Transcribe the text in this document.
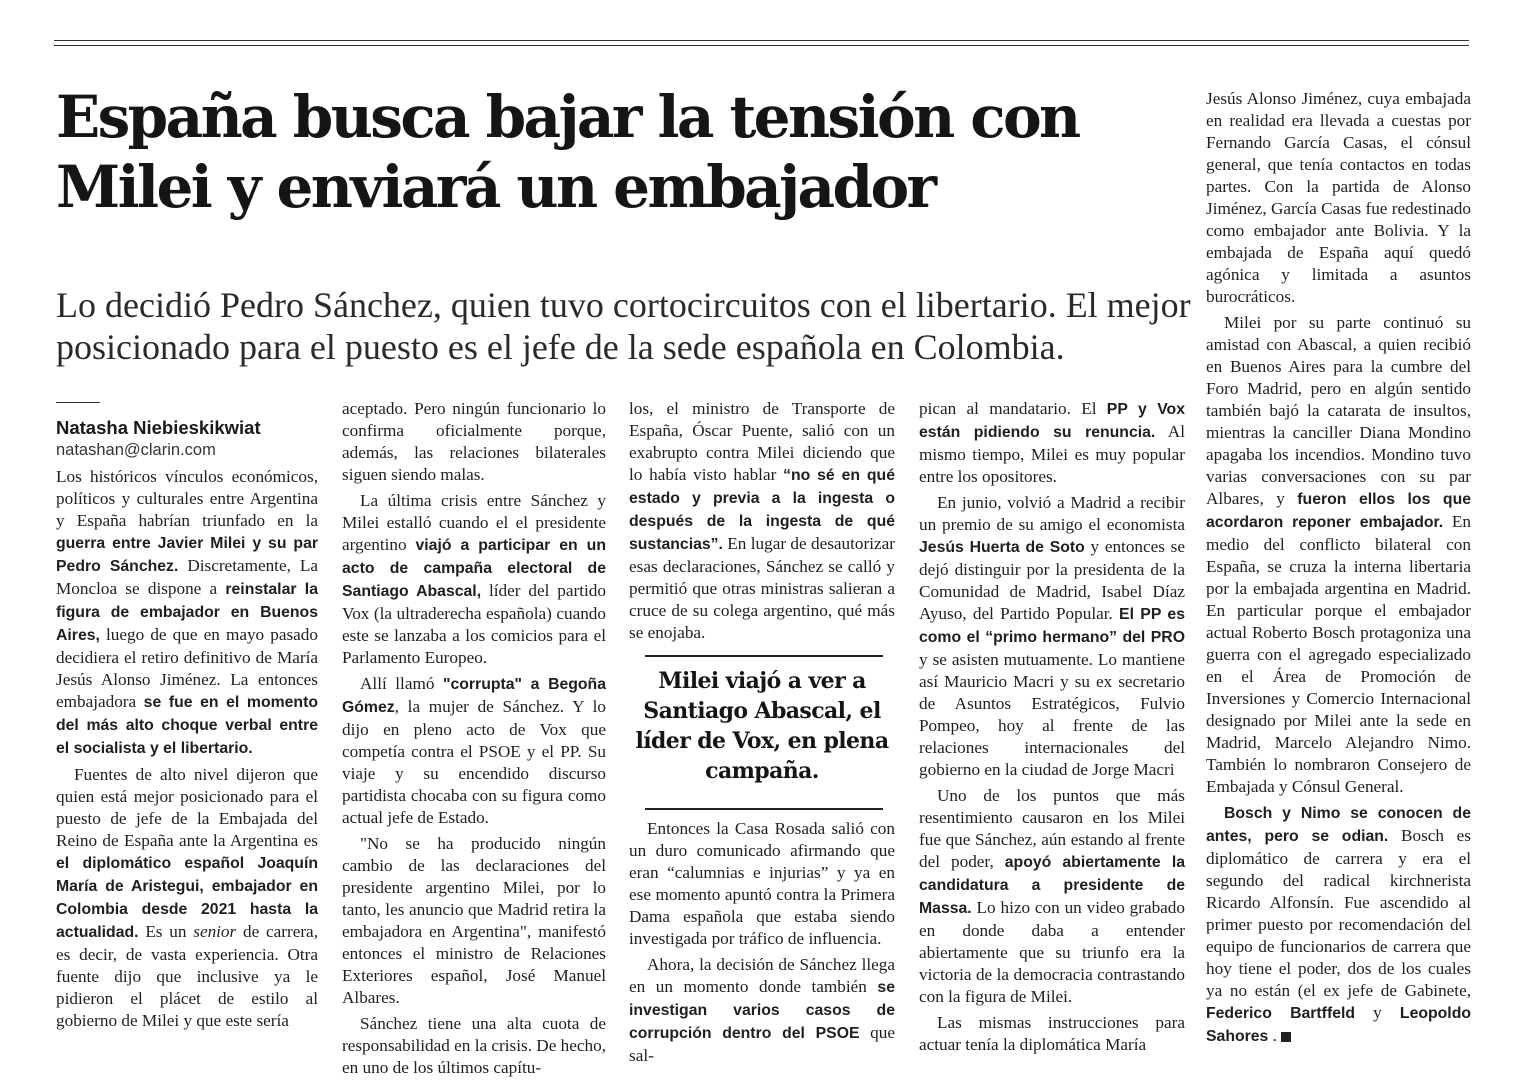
España busca bajar la tensión con Milei y enviará un embajador

Lo decidió Pedro Sánchez, quien tuvo cortocircuitos con el libertario. El mejor posicionado para el puesto es el jefe de la sede española en Colombia.

Natasha Niebieskikwiat
natashan@clarin.com

Los históricos vínculos económicos, políticos y culturales entre Argentina y España habrían triunfado en la guerra entre Javier Milei y su par Pedro Sánchez. Discretamente, La Moncloa se dispone a reinstalar la figura de embajador en Buenos Aires, luego de que en mayo pasado decidiera el retiro definitivo de María Jesús Alonso Jiménez. La entonces embajadora se fue en el momento del más alto choque verbal entre el socialista y el libertario.

Fuentes de alto nivel dijeron que quien está mejor posicionado para el puesto de jefe de la Embajada del Reino de España ante la Argentina es el diplomático español Joaquín María de Aristegui, embajador en Colombia desde 2021 hasta la actualidad. Es un senior de carrera, es decir, de vasta experiencia. Otra fuente dijo que inclusive ya le pidieron el plácet de estilo al gobierno de Milei y que este sería

aceptado. Pero ningún funcionario lo confirma oficialmente porque, además, las relaciones bilaterales siguen siendo malas.

La última crisis entre Sánchez y Milei estalló cuando el el presidente argentino viajó a participar en un acto de campaña electoral de Santiago Abascal, líder del partido Vox (la ultraderecha española) cuando este se lanzaba a los comicios para el Parlamento Europeo.

Allí llamó "corrupta" a Begoña Gómez, la mujer de Sánchez. Y lo dijo en pleno acto de Vox que competía contra el PSOE y el PP. Su viaje y su encendido discurso partidista chocaba con su figura como actual jefe de Estado.

"No se ha producido ningún cambio de las declaraciones del presidente argentino Milei, por lo tanto, les anuncio que Madrid retira la embajadora en Argentina", manifestó entonces el ministro de Relaciones Exteriores español, José Manuel Albares.

Sánchez tiene una alta cuota de responsabilidad en la crisis. De hecho, en uno de los últimos capítu-

los, el ministro de Transporte de España, Óscar Puente, salió con un exabrupto contra Milei diciendo que lo había visto hablar “no sé en qué estado y previa a la ingesta o después de la ingesta de qué sustancias”. En lugar de desautorizar esas declaraciones, Sánchez se calló y permitió que otras ministras salieran a cruce de su colega argentino, qué más se enojaba.

Milei viajó a ver a Santiago Abascal, el líder de Vox, en plena campaña.

Entonces la Casa Rosada salió con un duro comunicado afirmando que eran “calumnias e injurias” y ya en ese momento apuntó contra la Primera Dama española que estaba siendo investigada por tráfico de influencia.

Ahora, la decisión de Sánchez llega en un momento donde también se investigan varios casos de corrupción dentro del PSOE que sal-

pican al mandatario. El PP y Vox están pidiendo su renuncia. Al mismo tiempo, Milei es muy popular entre los opositores.

En junio, volvió a Madrid a recibir un premio de su amigo el economista Jesús Huerta de Soto y entonces se dejó distinguir por la presidenta de la Comunidad de Madrid, Isabel Díaz Ayuso, del Partido Popular. El PP es como el “primo hermano” del PRO y se asisten mutuamente. Lo mantiene así Mauricio Macri y su ex secretario de Asuntos Estratégicos, Fulvio Pompeo, hoy al frente de las relaciones internacionales del gobierno en la ciudad de Jorge Macri

Uno de los puntos que más resentimiento causaron en los Milei fue que Sánchez, aún estando al frente del poder, apoyó abiertamente la candidatura a presidente de Massa. Lo hizo con un video grabado en donde daba a entender abiertamente que su triunfo era la victoria de la democracia contrastando con la figura de Milei.

Las mismas instrucciones para actuar tenía la diplomática María

Jesús Alonso Jiménez, cuya embajada en realidad era llevada a cuestas por Fernando García Casas, el cónsul general, que tenía contactos en todas partes. Con la partida de Alonso Jiménez, García Casas fue redestinado como embajador ante Bolivia. Y la embajada de España aquí quedó agónica y limitada a asuntos burocráticos.

Milei por su parte continuó su amistad con Abascal, a quien recibió en Buenos Aires para la cumbre del Foro Madrid, pero en algún sentido también bajó la catarata de insultos, mientras la canciller Diana Mondino apagaba los incendios. Mondino tuvo varias conversaciones con su par Albares, y fueron ellos los que acordaron reponer embajador. En medio del conflicto bilateral con España, se cruza la interna libertaria por la embajada argentina en Madrid. En particular porque el embajador actual Roberto Bosch protagoniza una guerra con el agregado especializado en el Área de Promoción de Inversiones y Comercio Internacional designado por Milei ante la sede en Madrid, Marcelo Alejandro Nimo. También lo nombraron Consejero de Embajada y Cónsul General.

Bosch y Nimo se conocen de antes, pero se odian. Bosch es diplomático de carrera y era el segundo del radical kirchnerista Ricardo Alfonsín. Fue ascendido al primer puesto por recomendación del equipo de funcionarios de carrera que hoy tiene el poder, dos de los cuales ya no están (el ex jefe de Gabinete, Federico Bartffeld y Leopoldo Sahores .
